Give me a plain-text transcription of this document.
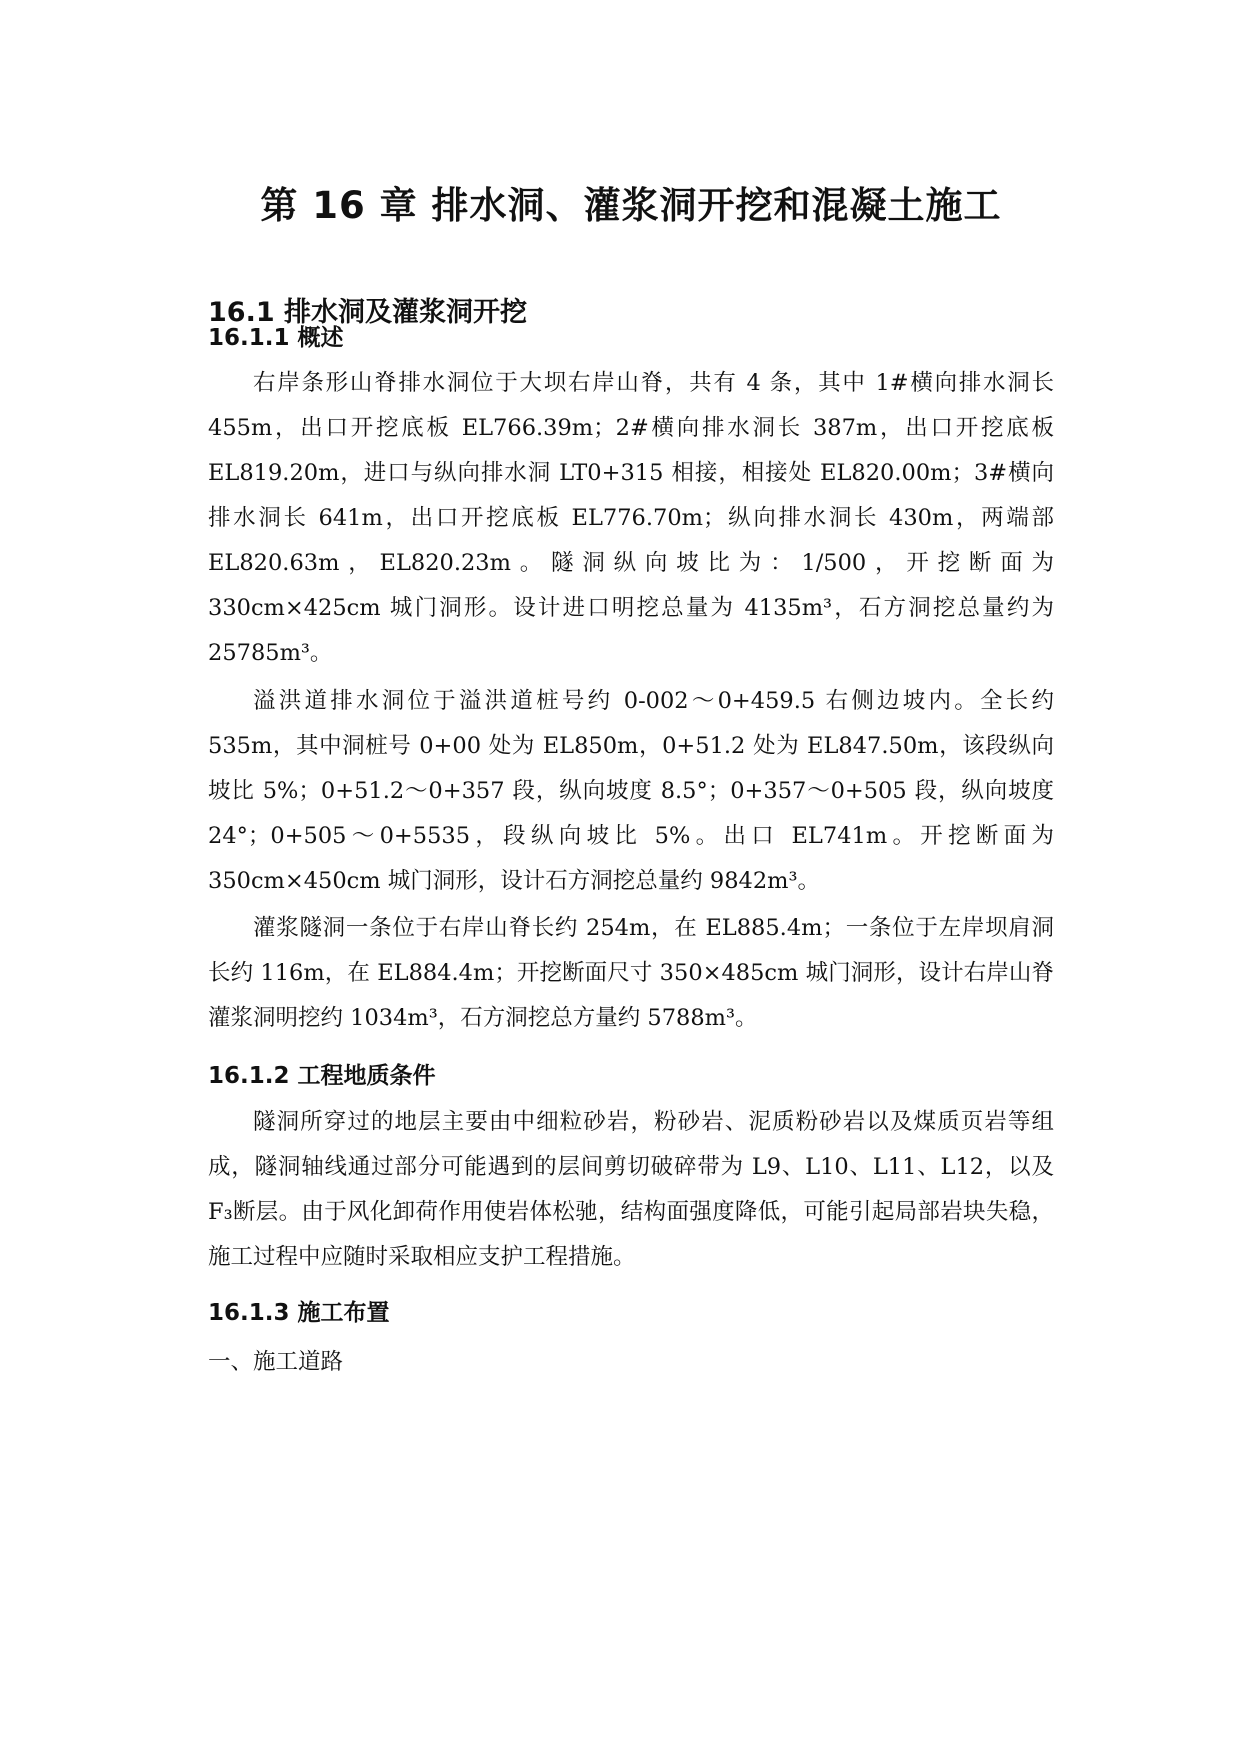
第 16 章 排水洞、灌浆洞开挖和混凝土施工
16.1 排水洞及灌浆洞开挖
16.1.1 概述

右岸条形山脊排水洞位于大坝右岸山脊，共有 4 条，其中 1#横向排水洞长 455m，出口开挖底板 EL766.39m；2#横向排水洞长 387m，出口开挖底板 EL819.20m，进口与纵向排水洞 LT0+315 相接，相接处 EL820.00m；3#横向排水洞长 641m，出口开挖底板 EL776.70m；纵向排水洞长 430m，两端部 EL820.63m，EL820.23m。隧洞纵向坡比为：1/500，开挖断面为 330cm×425cm 城门洞形。设计进口明挖总量为 4135m³，石方洞挖总量约为 25785m³。

溢洪道排水洞位于溢洪道桩号约 0-002～0+459.5 右侧边坡内。全长约 535m，其中洞桩号 0+00 处为 EL850m，0+51.2 处为 EL847.50m，该段纵向坡比 5%；0+51.2～0+357 段，纵向坡度 8.5°；0+357～0+505 段，纵向坡度 24°；0+505～0+5535，段纵向坡比 5%。出口 EL741m。开挖断面为 350cm×450cm 城门洞形，设计石方洞挖总量约 9842m³。

灌浆隧洞一条位于右岸山脊长约 254m，在 EL885.4m；一条位于左岸坝肩洞长约 116m，在 EL884.4m；开挖断面尺寸 350×485cm 城门洞形，设计右岸山脊灌浆洞明挖约 1034m³，石方洞挖总方量约 5788m³。

16.1.2 工程地质条件

隧洞所穿过的地层主要由中细粒砂岩，粉砂岩、泥质粉砂岩以及煤质页岩等组成，隧洞轴线通过部分可能遇到的层间剪切破碎带为 L9、L10、L11、L12，以及 F₃断层。由于风化卸荷作用使岩体松驰，结构面强度降低，可能引起局部岩块失稳，施工过程中应随时采取相应支护工程措施。

16.1.3 施工布置

一、施工道路
